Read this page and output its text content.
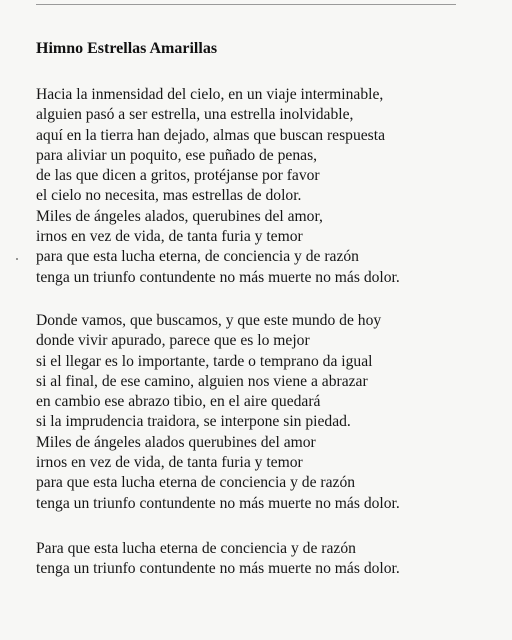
Himno Estrellas Amarillas
Hacia la inmensidad del cielo, en un viaje interminable,
alguien pasó a ser estrella, una estrella inolvidable,
aquí en la tierra han dejado, almas que buscan respuesta
para aliviar un poquito, ese puñado de penas,
de las que dicen a gritos, protéjanse por favor
el cielo no necesita, mas estrellas de dolor.
Miles de ángeles alados, querubines del amor,
irnos en vez de vida, de tanta furia y temor
para que esta lucha eterna, de conciencia y de razón
tenga un triunfo contundente no más muerte no más dolor.
Donde vamos, que buscamos, y que este mundo de hoy
donde vivir apurado, parece que es lo mejor
si el llegar es lo importante, tarde o temprano da igual
si al final, de ese camino, alguien nos viene a abrazar
en cambio ese abrazo tibio, en el aire quedará
si la imprudencia traidora, se interpone sin piedad.
Miles de ángeles alados querubines del amor
irnos en vez de vida, de tanta furia y temor
para que esta lucha eterna de conciencia y de razón
tenga un triunfo contundente no más muerte no más dolor.
Para que esta lucha eterna de conciencia y de razón
tenga un triunfo contundente no más muerte no más dolor.
